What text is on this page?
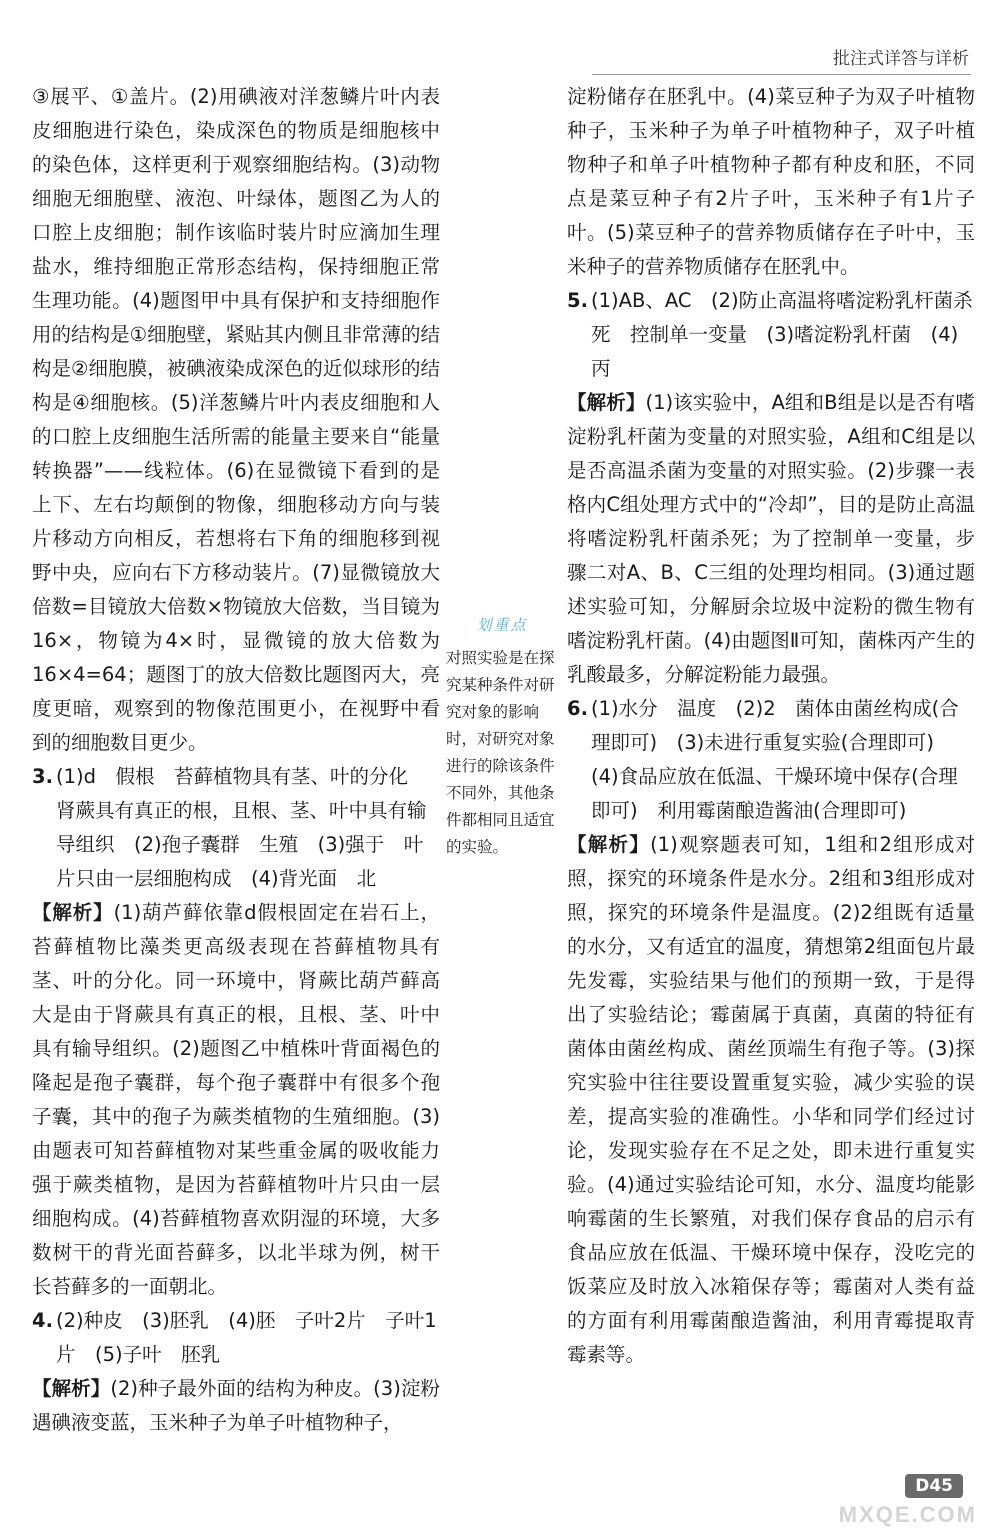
批注式详答与详析

③展平、①盖片。(2)用碘液对洋葱鳞片叶内表皮细胞进行染色，染成深色的物质是细胞核中的染色体，这样更利于观察细胞结构。(3)动物细胞无细胞壁、液泡、叶绿体，题图乙为人的口腔上皮细胞；制作该临时装片时应滴加生理盐水，维持细胞正常形态结构，保持细胞正常生理功能。(4)题图甲中具有保护和支持细胞作用的结构是①细胞壁，紧贴其内侧且非常薄的结构是②细胞膜，被碘液染成深色的近似球形的结构是④细胞核。(5)洋葱鳞片叶内表皮细胞和人的口腔上皮细胞生活所需的能量主要来自“能量转换器”——线粒体。(6)在显微镜下看到的是上下、左右均颠倒的物像，细胞移动方向与装片移动方向相反，若想将右下角的细胞移到视野中央，应向右下方移动装片。(7)显微镜放大倍数=目镜放大倍数×物镜放大倍数，当目镜为16×，物镜为4×时，显微镜的放大倍数为16×4=64；题图丁的放大倍数比题图丙大，亮度更暗，观察到的物像范围更小，在视野中看到的细胞数目更少。

3. (1)d　假根　苔藓植物具有茎、叶的分化　肾蕨具有真正的根，且根、茎、叶中具有输导组织　(2)孢子囊群　生殖　(3)强于　叶片只由一层细胞构成　(4)背光面　北

【解析】(1)葫芦藓依靠d假根固定在岩石上，苔藓植物比藻类更高级表现在苔藓植物具有茎、叶的分化。同一环境中，肾蕨比葫芦藓高大是由于肾蕨具有真正的根，且根、茎、叶中具有输导组织。(2)题图乙中植株叶背面褐色的隆起是孢子囊群，每个孢子囊群中有很多个孢子囊，其中的孢子为蕨类植物的生殖细胞。(3)由题表可知苔藓植物对某些重金属的吸收能力强于蕨类植物，是因为苔藓植物叶片只由一层细胞构成。(4)苔藓植物喜欢阴湿的环境，大多数树干的背光面苔藓多，以北半球为例，树干长苔藓多的一面朝北。

4. (2)种皮　(3)胚乳　(4)胚　子叶2片　子叶1片　(5)子叶　胚乳

【解析】(2)种子最外面的结构为种皮。(3)淀粉遇碘液变蓝，玉米种子为单子叶植物种子，

划重点
对照实验是在探究某种条件对研究对象的影响时，对研究对象进行的除该条件不同外，其他条件都相同且适宜的实验。

淀粉储存在胚乳中。(4)菜豆种子为双子叶植物种子，玉米种子为单子叶植物种子，双子叶植物种子和单子叶植物种子都有种皮和胚，不同点是菜豆种子有2片子叶，玉米种子有1片子叶。(5)菜豆种子的营养物质储存在子叶中，玉米种子的营养物质储存在胚乳中。

5. (1)AB、AC　(2)防止高温将嗜淀粉乳杆菌杀死　控制单一变量　(3)嗜淀粉乳杆菌　(4)丙

【解析】(1)该实验中，A组和B组是以是否有嗜淀粉乳杆菌为变量的对照实验，A组和C组是以是否高温杀菌为变量的对照实验。(2)步骤一表格内C组处理方式中的“冷却”，目的是防止高温将嗜淀粉乳杆菌杀死；为了控制单一变量，步骤二对A、B、C三组的处理均相同。(3)通过题述实验可知，分解厨余垃圾中淀粉的微生物有嗜淀粉乳杆菌。(4)由题图Ⅱ可知，菌株丙产生的乳酸最多，分解淀粉能力最强。

6. (1)水分　温度　(2)2　菌体由菌丝构成(合理即可)　(3)未进行重复实验(合理即可)　(4)食品应放在低温、干燥环境中保存(合理即可)　利用霉菌酿造酱油(合理即可)

【解析】(1)观察题表可知，1组和2组形成对照，探究的环境条件是水分。2组和3组形成对照，探究的环境条件是温度。(2)2组既有适量的水分，又有适宜的温度，猜想第2组面包片最先发霉，实验结果与他们的预期一致，于是得出了实验结论；霉菌属于真菌，真菌的特征有菌体由菌丝构成、菌丝顶端生有孢子等。(3)探究实验中往往要设置重复实验，减少实验的误差，提高实验的准确性。小华和同学们经过讨论，发现实验存在不足之处，即未进行重复实验。(4)通过实验结论可知，水分、温度均能影响霉菌的生长繁殖，对我们保存食品的启示有食品应放在低温、干燥环境中保存，没吃完的饭菜应及时放入冰箱保存等；霉菌对人类有益的方面有利用霉菌酿造酱油，利用青霉提取青霉素等。

MXQE.COM
D45
